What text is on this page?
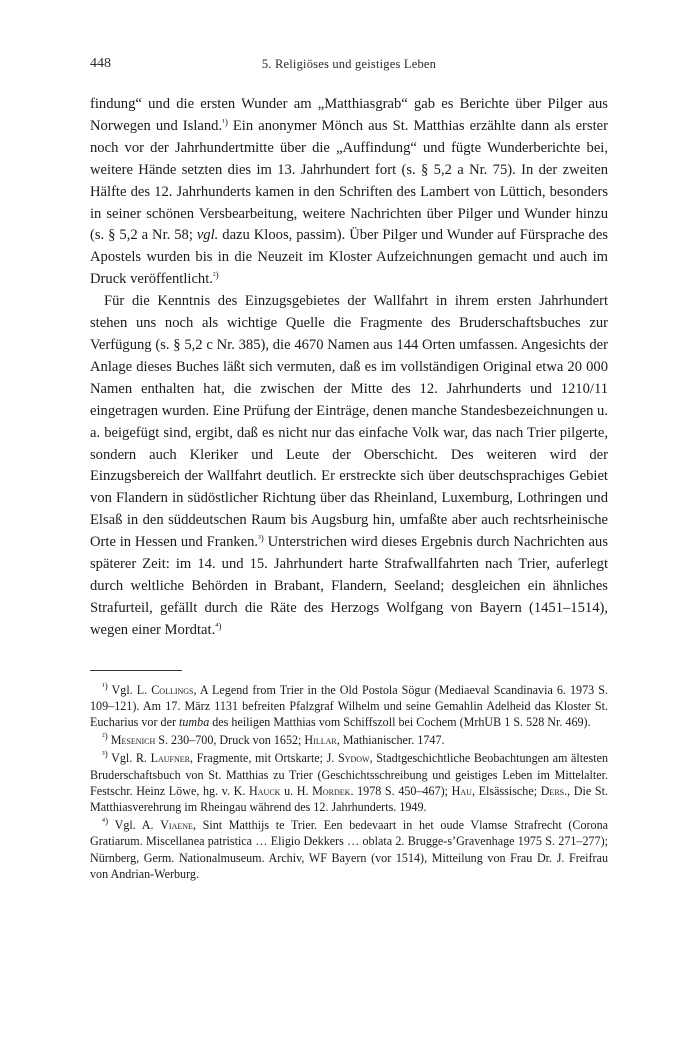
448	5. Religiöses und geistiges Leben

findung“ und die ersten Wunder am „Matthiasgrab“ gab es Berichte über Pilger aus Norwegen und Island.$^{^1)}$ Ein anonymer Mönch aus St. Matthias erzählte dann als erster noch vor der Jahrhundertmitte über die „Auffindung“ und fügte Wunderberichte bei, weitere Hände setzten dies im 13. Jahrhundert fort (s. § 5,2 a Nr. 75). In der zweiten Hälfte des 12. Jahrhunderts kamen in den Schriften des Lambert von Lüttich, besonders in seiner schönen Versbearbeitung, weitere Nachrichten über Pilger und Wunder hinzu (s. § 5,2 a Nr. 58; vgl. dazu Kloos, passim). Über Pilger und Wunder auf Fürsprache des Apostels wurden bis in die Neuzeit im Kloster Aufzeichnungen gemacht und auch im Druck veröffentlicht.$^{^2)}$

Für die Kenntnis des Einzugsgebietes der Wallfahrt in ihrem ersten Jahrhundert stehen uns noch als wichtige Quelle die Fragmente des Bruderschaftsbuches zur Verfügung (s. § 5,2 c Nr. 385), die 4670 Namen aus 144 Orten umfassen. Angesichts der Anlage dieses Buches läßt sich vermuten, daß es im vollständigen Original etwa 20 000 Namen enthalten hat, die zwischen der Mitte des 12. Jahrhunderts und 1210/11 eingetragen wurden. Eine Prüfung der Einträge, denen manche Standesbezeichnungen u. a. beigefügt sind, ergibt, daß es nicht nur das einfache Volk war, das nach Trier pilgerte, sondern auch Kleriker und Leute der Oberschicht. Des weiteren wird der Einzugsbereich der Wallfahrt deutlich. Er erstreckte sich über deutschsprachiges Gebiet von Flandern in südöstlicher Richtung über das Rheinland, Luxemburg, Lothringen und Elsaß in den süddeutschen Raum bis Augsburg hin, umfaßte aber auch rechtsrheinische Orte in Hessen und Franken.$^{^3)}$ Unterstrichen wird dieses Ergebnis durch Nachrichten aus späterer Zeit: im 14. und 15. Jahrhundert harte Strafwallfahrten nach Trier, auferlegt durch weltliche Behörden in Brabant, Flandern, Seeland; desgleichen ein ähnliches Strafurteil, gefällt durch die Räte des Herzogs Wolfgang von Bayern (1451–1514), wegen einer Mordtat.$^{^4)}$

$^{^1)}$ Vgl. L. Collings, A Legend from Trier in the Old Postola Sögur (Mediaeval Scandinavia 6. 1973 S. 109–121). Am 17. März 1131 befreiten Pfalzgraf Wilhelm und seine Gemahlin Adelheid das Kloster St. Eucharius vor der tumba des heiligen Matthias vom Schiffszoll bei Cochem (MrhUB 1 S. 528 Nr. 469).

$^{^2)}$ Mesenich S. 230–700, Druck von 1652; Hillar, Mathianischer. 1747.

$^{^3)}$ Vgl. R. Laufner, Fragmente, mit Ortskarte; J. Sydow, Stadtgeschichtliche Beobachtungen am ältesten Bruderschaftsbuch von St. Matthias zu Trier (Geschichtsschreibung und geistiges Leben im Mittelalter. Festschr. Heinz Löwe, hg. v. K. Hauck u. H. Mordek. 1978 S. 450–467); Hau, Elsässische; Ders., Die St. Matthiasverehrung im Rheingau während des 12. Jahrhunderts. 1949.

$^{^4)}$ Vgl. A. Viaene, Sint Matthijs te Trier. Een bedevaart in het oude Vlamse Strafrecht (Corona Gratiarum. Miscellanea patristica … Eligio Dekkers … oblata 2. Brugge-s’Gravenhage 1975 S. 271–277); Nürnberg, Germ. Nationalmuseum. Archiv, WF Bayern (vor 1514), Mitteilung von Frau Dr. J. Freifrau von Andrian-Werburg.
